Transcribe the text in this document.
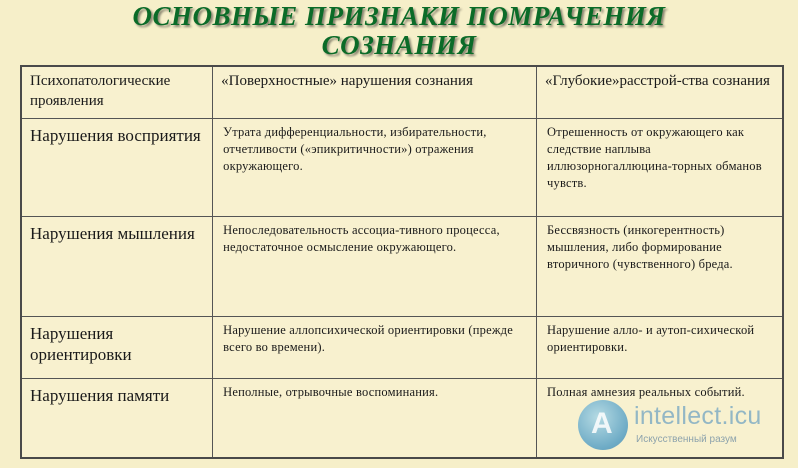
ОСНОВНЫЕ ПРИЗНАКИ ПОМРАЧЕНИЯ
СОЗНАНИЯ
Психопатологические проявления	«Поверхностные» нарушения сознания	«Глубокие»расстрой-ства сознания
Нарушения восприятия	Утрата дифференциальности, избирательности, отчетливости («эпикритичности») отражения окружающего.	Отрешенность от окружающего как следствие наплыва иллюзорногаллюцина-торных обманов чувств.
Нарушения мышления	Непоследовательность ассоциа-тивного процесса, недостаточное осмысление окружающего.	Бессвязность (инкогерентность) мышления, либо формирование вторичного (чувственного) бреда.
Нарушения ориентировки	Нарушение аллопсихической ориентировки (прежде всего во времени).	Нарушение алло- и аутоп-сихической ориентировки.
Нарушения памяти	Неполные, отрывочные воспоминания.	Полная амнезия реальных событий.
A intellect.icu
Искусственный разум
